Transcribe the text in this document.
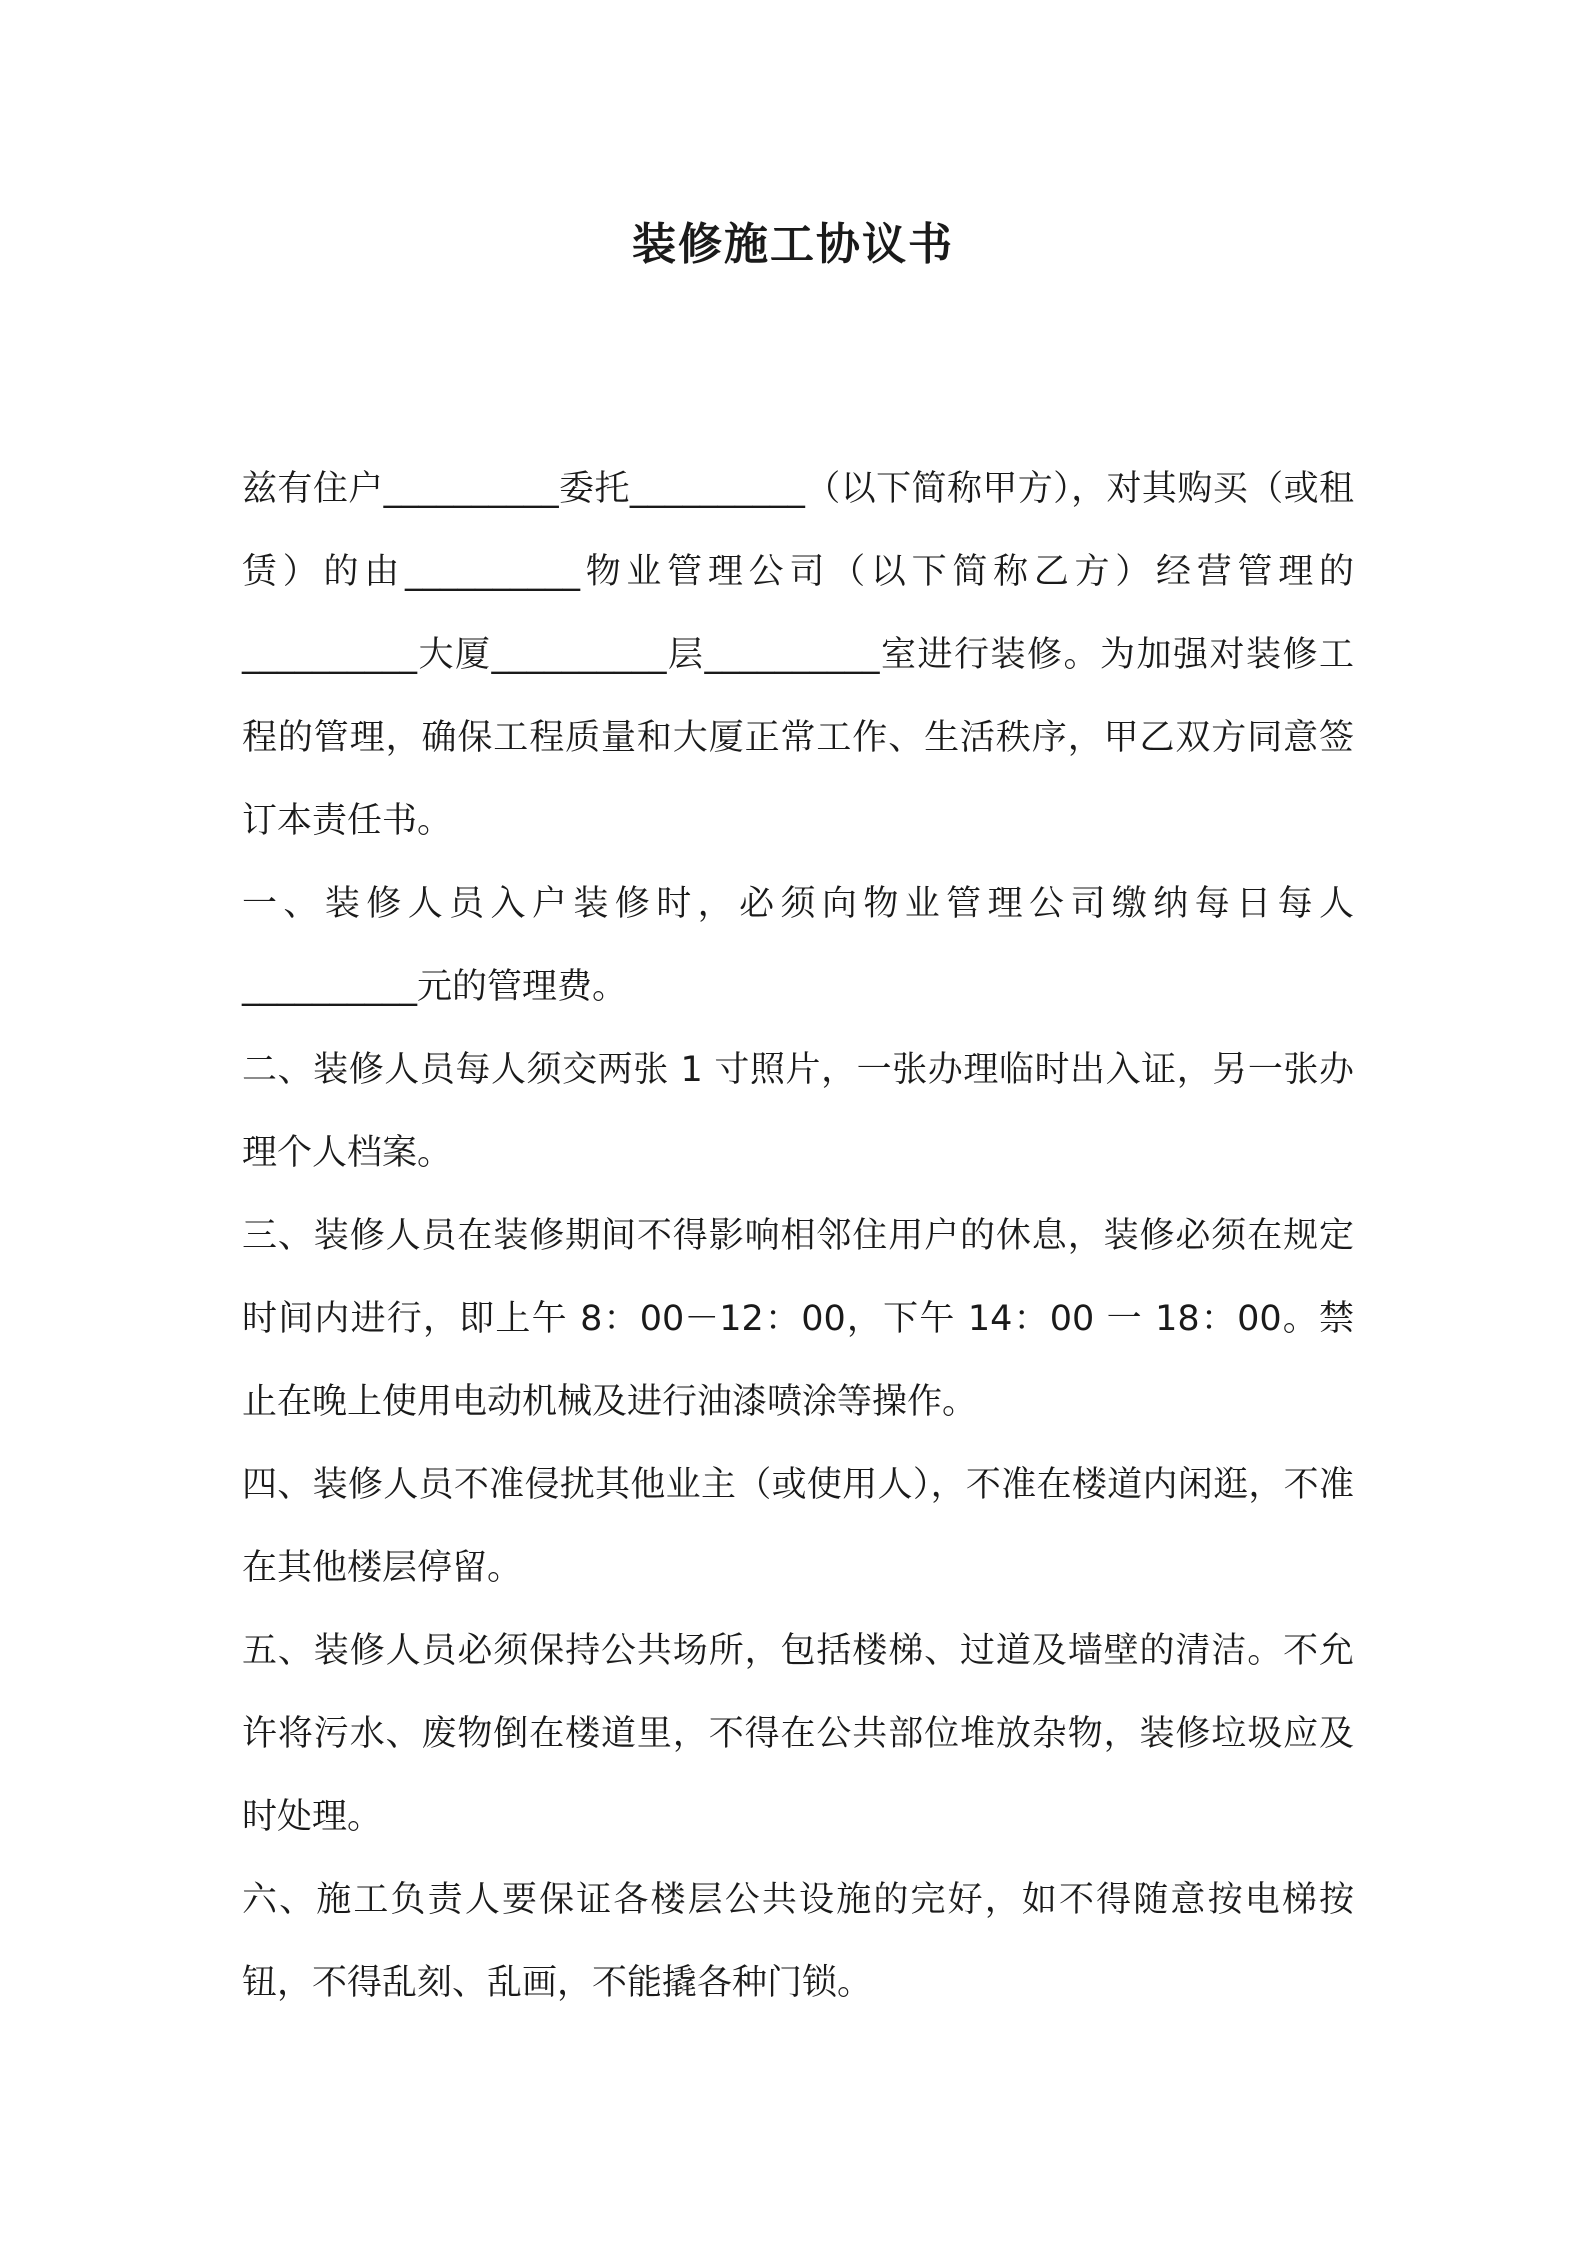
装修施工协议书

兹有住户__________委托__________（以下简称甲方），对其购买（或租赁）的由__________物业管理公司（以下简称乙方）经营管理的__________大厦__________层__________室进行装修。为加强对装修工程的管理，确保工程质量和大厦正常工作、生活秩序，甲乙双方同意签订本责任书。

一、装修人员入户装修时，必须向物业管理公司缴纳每日每人__________元的管理费。

二、装修人员每人须交两张 1 寸照片，一张办理临时出入证，另一张办理个人档案。

三、装修人员在装修期间不得影响相邻住用户的休息，装修必须在规定时间内进行，即上午 8：00－12：00，下午 14：00 一 18：00。禁止在晚上使用电动机械及进行油漆喷涂等操作。

四、装修人员不准侵扰其他业主（或使用人），不准在楼道内闲逛，不准在其他楼层停留。

五、装修人员必须保持公共场所，包括楼梯、过道及墙壁的清洁。不允许将污水、废物倒在楼道里，不得在公共部位堆放杂物，装修垃圾应及时处理。

六、施工负责人要保证各楼层公共设施的完好，如不得随意按电梯按钮，不得乱刻、乱画，不能撬各种门锁。
